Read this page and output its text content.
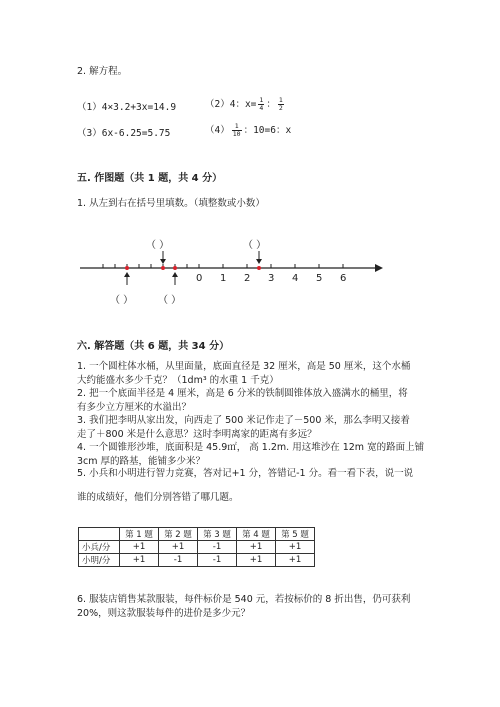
2. 解方程。
（1）4×3.2+3x=14.9	（2）4：$x= \frac{1}{4}$ ： $\frac{1}{2}$
（3）6x-6.25=5.75	$(4) \frac{1}{10}$ ：10=6：x
五. 作图题（共 1 题，共 4 分）
1. 从左到右在括号里填数。（填整数或小数）
（ ）	（ ）
0 1 2 3 4 5 6
（ ） （ ）
六. 解答题（共 6 题，共 34 分）
1. 一个圆柱体水桶，从里面量，底面直径是 32 厘米，高是 50 厘米，这个水桶
大约能盛水多少千克？（1dm³ 的水重 1 千克）
2. 把一个底面半径是 4 厘米，高是 6 分米的铁制圆锥体放入盛满水的桶里，将
有多少立方厘米的水溢出？
3. 我们把李明从家出发，向西走了 500 米记作走了－500 米，那么李明又接着
走了＋800 米是什么意思？这时李明离家的距离有多远？
4. 一个圆锥形沙堆，底面积是 45.9㎡， 高 1.2m. 用这堆沙在 12m 宽的路面上铺
3cm 厚的路基，能铺多少米？
5. 小兵和小明进行智力竞赛，答对记+1 分，答错记-1 分。看一看下表，说一说
谁的成绩好，他们分别答错了哪几题。
	第 1 题	第 2 题	第 3 题	第 4 题	第 5 题
小兵/分	+1	+1	-1	+1	+1
小明/分	+1	-1	-1	+1	+1
6. 服装店销售某款服装，每件标价是 540 元，若按标价的 8 折出售，仍可获利
20%，则这款服装每件的进价是多少元？
